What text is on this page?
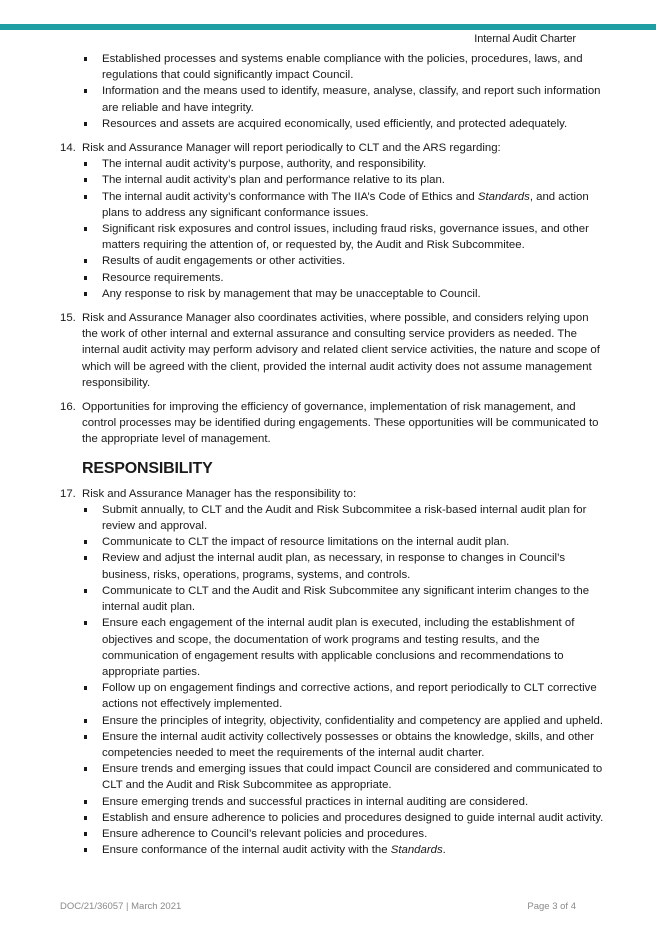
Internal Audit Charter
Established processes and systems enable compliance with the policies, procedures, laws, and regulations that could significantly impact Council.
Information and the means used to identify, measure, analyse, classify, and report such information are reliable and have integrity.
Resources and assets are acquired economically, used efficiently, and protected adequately.
14. Risk and Assurance Manager will report periodically to CLT and the ARS regarding:
The internal audit activity’s purpose, authority, and responsibility.
The internal audit activity’s plan and performance relative to its plan.
The internal audit activity’s conformance with The IIA’s Code of Ethics and Standards, and action plans to address any significant conformance issues.
Significant risk exposures and control issues, including fraud risks, governance issues, and other matters requiring the attention of, or requested by, the Audit and Risk Subcommitee.
Results of audit engagements or other activities.
Resource requirements.
Any response to risk by management that may be unacceptable to Council.
15. Risk and Assurance Manager also coordinates activities, where possible, and considers relying upon the work of other internal and external assurance and consulting service providers as needed. The internal audit activity may perform advisory and related client service activities, the nature and scope of which will be agreed with the client, provided the internal audit activity does not assume management responsibility.
16. Opportunities for improving the efficiency of governance, implementation of risk management, and control processes may be identified during engagements. These opportunities will be communicated to the appropriate level of management.
RESPONSIBILITY
17. Risk and Assurance Manager has the responsibility to:
Submit annually, to CLT and the Audit and Risk Subcommitee a risk-based internal audit plan for review and approval.
Communicate to CLT the impact of resource limitations on the internal audit plan.
Review and adjust the internal audit plan, as necessary, in response to changes in Council’s business, risks, operations, programs, systems, and controls.
Communicate to CLT and the Audit and Risk Subcommitee any significant interim changes to the internal audit plan.
Ensure each engagement of the internal audit plan is executed, including the establishment of objectives and scope, the documentation of work programs and testing results, and the communication of engagement results with applicable conclusions and recommendations to appropriate parties.
Follow up on engagement findings and corrective actions, and report periodically to CLT corrective actions not effectively implemented.
Ensure the principles of integrity, objectivity, confidentiality and competency are applied and upheld.
Ensure the internal audit activity collectively possesses or obtains the knowledge, skills, and other competencies needed to meet the requirements of the internal audit charter.
Ensure trends and emerging issues that could impact Council are considered and communicated to CLT and the Audit and Risk Subcommitee as appropriate.
Ensure emerging trends and successful practices in internal auditing are considered.
Establish and ensure adherence to policies and procedures designed to guide internal audit activity.
Ensure adherence to Council’s relevant policies and procedures.
Ensure conformance of the internal audit activity with the Standards.
DOC/21/36057 | March 2021	Page 3 of 4
